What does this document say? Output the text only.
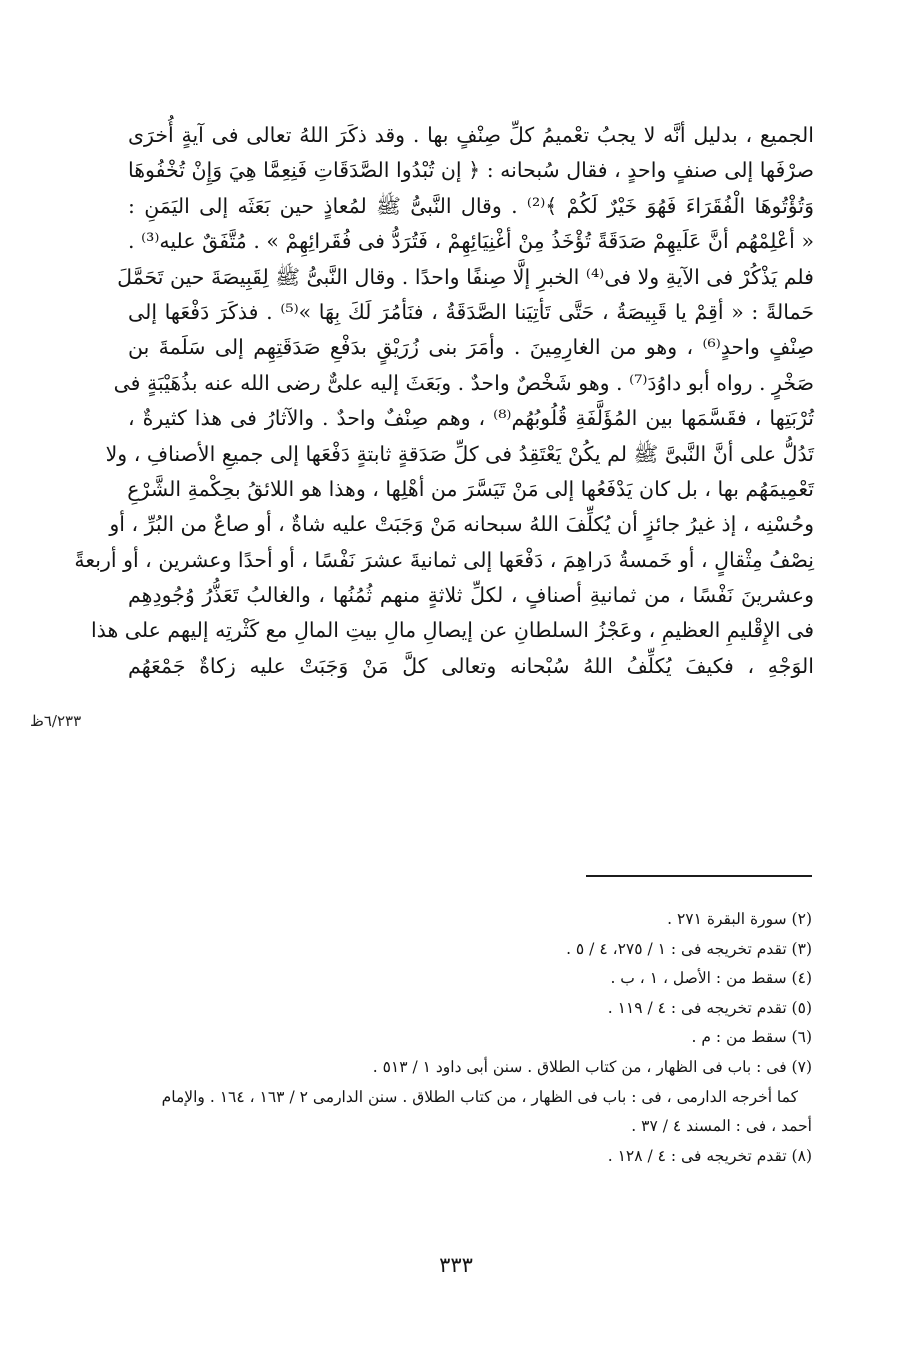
الجميع ، بدليل أنَّه لا يجبُ تعْميمُ كلِّ صِنْفٍ بها . وقد ذكَرَ اللهُ تعالى فى آيةٍ أُخرَى
صرْفَها إلى صنفٍ واحدٍ ، فقال سُبحانه : ﴿ إن تُبْدُوا الصَّدَقَاتِ فَنِعِمَّا هِيَ وَإِنْ تُخْفُوهَا
وَتُؤْتُوهَا الْفُقَرَاءَ فَهُوَ خَيْرٌ لَكُمْ ﴾⁽²⁾ . وقال النَّبىُّ ﷺ لمُعاذٍ حين بَعَثَه إلى اليَمَنِ :
« أعْلِمْهُم أنَّ عَلَيهِمْ صَدَقَةً تُؤْخَذُ مِنْ أغْنِيَائِهِمْ ، فَتُرَدُّ فى فُقَرائِهِمْ » . مُتَّفَقٌ عليه⁽³⁾ .
فلم يَذْكُرْ فى الآيةِ ولا فى⁽⁴⁾ الخبرِ إلَّا صِنفًا واحدًا . وقال النَّبىُّ ﷺ لِقَبِيصَةَ حين تَحَمَّلَ
حَمالةً : « أقِمْ يا قَبِيصَةُ ، حَتَّى تَأتِيَنا الصَّدَقَةُ ، فنَأمُرَ لَكَ بِهَا »⁽⁵⁾ . فذكَرَ دَفْعَها إلى
صِنْفٍ واحدٍ⁽⁶⁾ ، وهو من الغارِمِينَ . وأمَرَ بنى زُرَيْقٍ بدَفْعِ صَدَقَتِهِم إلى سَلَمةَ بن
صَخْرٍ . رواه أبو داوُدَ⁽⁷⁾ . وهو شَخْصٌ واحدٌ . وبَعَثَ إليه علىٌّ رضى الله عنه بذُهَيْبَةٍ فى
تُرْبَتِها ، فقَسَّمَها بين المُؤَلَّفَةِ قُلُوبُهُم⁽⁸⁾ ، وهم صِنْفٌ واحدٌ . والآثارُ فى هذا كثيرةٌ ،
تَدُلُّ على أنَّ النَّبىَّ ﷺ لم يكُنْ يَعْتَقِدُ فى كلِّ صَدَقةٍ ثابتةٍ دَفْعَها إلى جميعِ الأصنافِ ، ولا
تَعْمِيمَهُم بها ، بل كان يَدْفَعُها إلى مَنْ تَيَسَّرَ من أهْلِها ، وهذا هو اللائقُ بحِكْمةِ الشَّرْعِ
وحُسْنِه ، إذ غيرُ جائزٍ أن يُكلِّفَ اللهُ سبحانه مَنْ وَجَبَتْ عليه شاةٌ ، أو صاعٌ من البُرِّ ، أو
نِصْفُ مِثْقالٍ ، أو خَمسةُ دَراهِمَ ، دَفْعَها إلى ثمانيةَ عشرَ نَفْسًا ، أو أحدًا وعشرين ، أو أربعةً
وعشرينَ نَفْسًا ، من ثمانيةِ أصنافٍ ، لكلِّ ثلاثةٍ منهم ثُمُنُها ، والغالبُ تَعَذُّرُ وُجُودِهِم
فى الإِقْليمِ العظيمِ ، وعَجْزُ السلطانِ عن إيصالِ مالِ بيتِ المالِ مع كَثْرتِه إليهم على هذا
الوَجْهِ ، فكيفَ يُكلِّفُ اللهُ سُبْحانه وتعالى كلَّ مَنْ وَجَبَتْ عليه زكاةٌ جَمْعَهُم
٦/٢٣٣ظ
(٢) سورة البقرة ٢٧١ .
(٣) تقدم تخريجه فى : ١ / ٢٧٥، ٤ / ٥ .
(٤) سقط من : الأصل ، ١ ، ب .
(٥) تقدم تخريجه فى : ٤ / ١١٩ .
(٦) سقط من : م .
(٧) فى : باب فى الظهار ، من كتاب الطلاق . سنن أبى داود ١ / ٥١٣ .
كما أخرجه الدارمى ، فى : باب فى الظهار ، من كتاب الطلاق . سنن الدارمى ٢ / ١٦٣ ، ١٦٤ . والإمام
أحمد ، فى : المسند ٤ / ٣٧ .
(٨) تقدم تخريجه فى : ٤ / ١٢٨ .
٣٣٣
